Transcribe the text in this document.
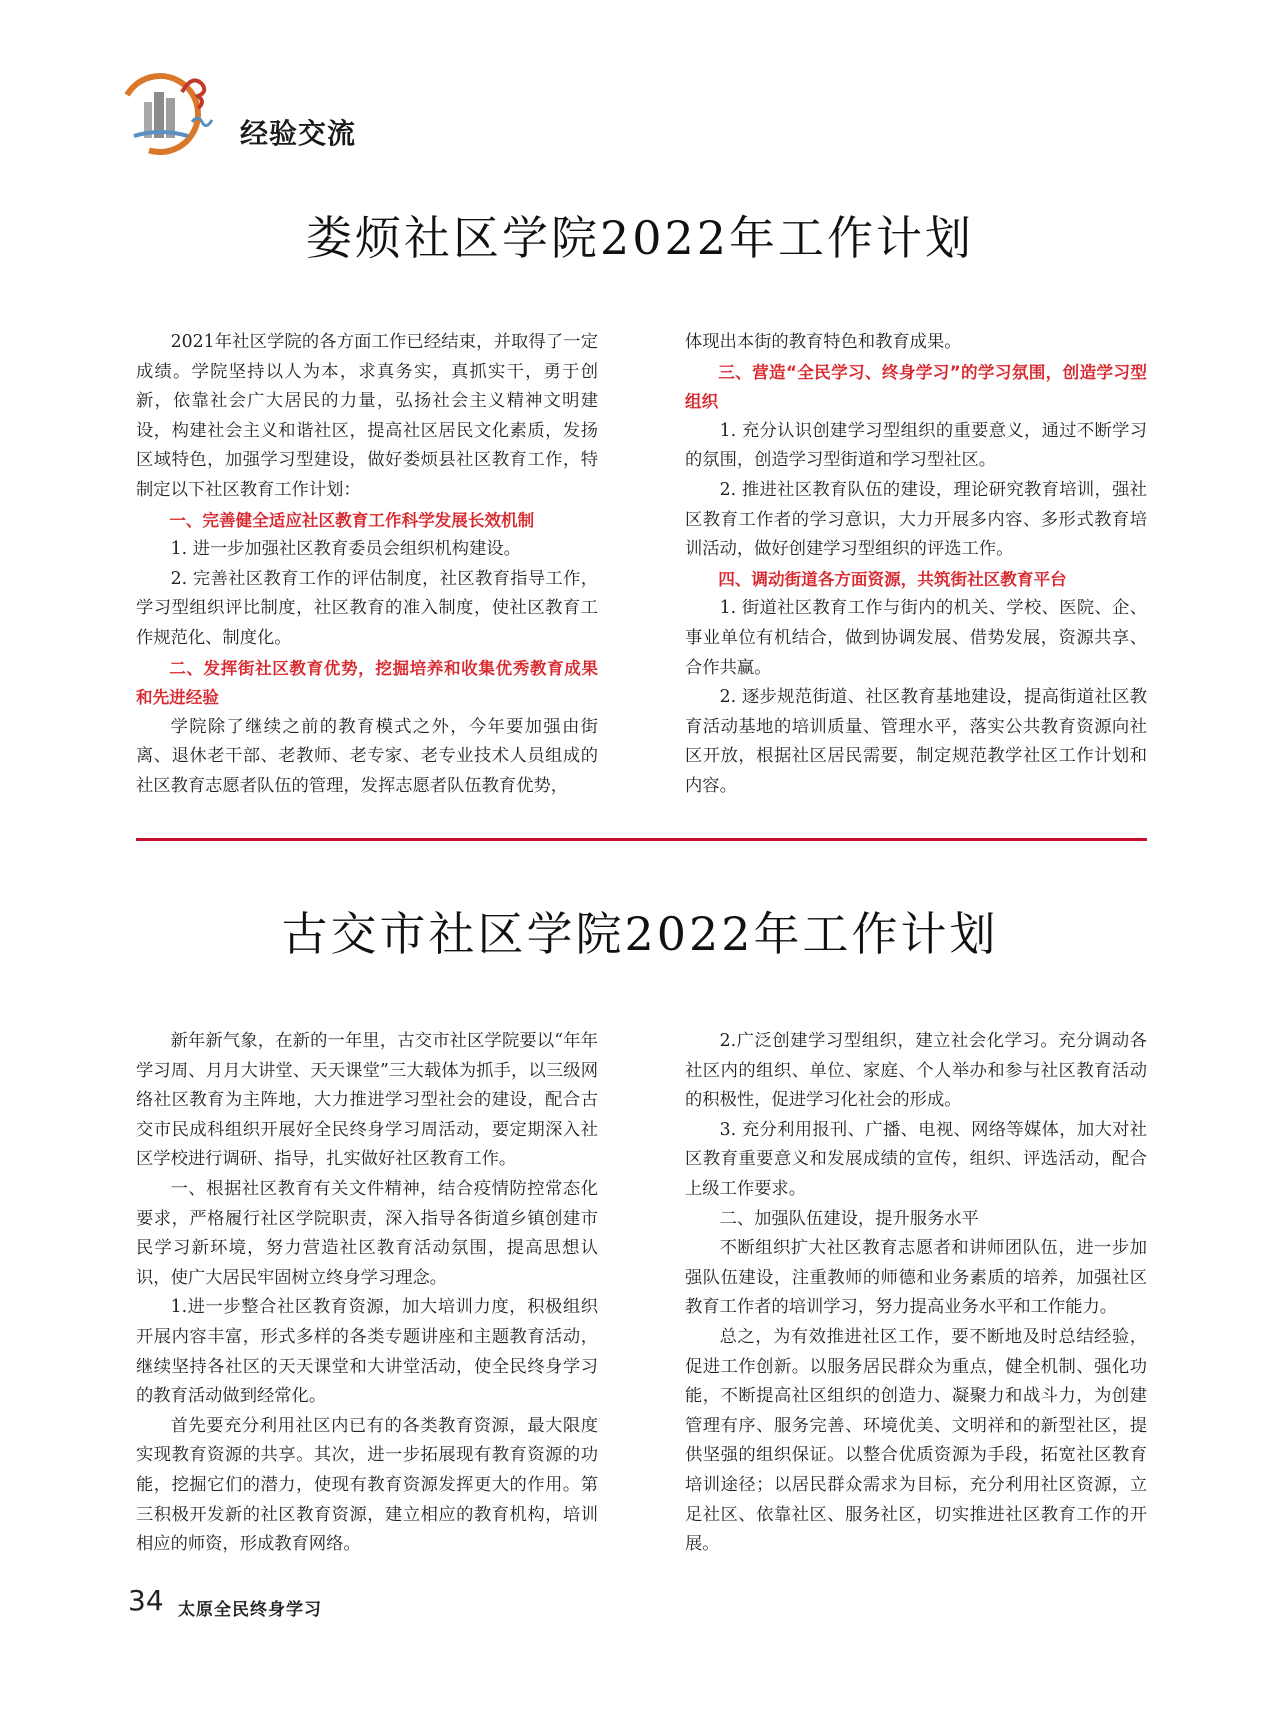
经验交流
娄烦社区学院2022年工作计划

2021年社区学院的各方面工作已经结束，并取得了一定成绩。学院坚持以人为本，求真务实，真抓实干，勇于创新，依靠社会广大居民的力量，弘扬社会主义精神文明建设，构建社会主义和谐社区，提高社区居民文化素质，发扬区域特色，加强学习型建设，做好娄烦县社区教育工作，特制定以下社区教育工作计划：

一、完善健全适应社区教育工作科学发展长效机制

1. 进一步加强社区教育委员会组织机构建设。

2. 完善社区教育工作的评估制度，社区教育指导工作，学习型组织评比制度，社区教育的准入制度，使社区教育工作规范化、制度化。

二、发挥街社区教育优势，挖掘培养和收集优秀教育成果和先进经验

学院除了继续之前的教育模式之外，今年要加强由街离、退休老干部、老教师、老专家、老专业技术人员组成的社区教育志愿者队伍的管理，发挥志愿者队伍教育优势，

体现出本街的教育特色和教育成果。

三、营造“全民学习、终身学习”的学习氛围，创造学习型组织

1. 充分认识创建学习型组织的重要意义，通过不断学习的氛围，创造学习型街道和学习型社区。

2. 推进社区教育队伍的建设，理论研究教育培训，强社区教育工作者的学习意识，大力开展多内容、多形式教育培训活动，做好创建学习型组织的评选工作。

四、调动街道各方面资源，共筑街社区教育平台

1. 街道社区教育工作与街内的机关、学校、医院、企、事业单位有机结合，做到协调发展、借势发展，资源共享、合作共赢。

2. 逐步规范街道、社区教育基地建设，提高街道社区教育活动基地的培训质量、管理水平，落实公共教育资源向社区开放，根据社区居民需要，制定规范教学社区工作计划和内容。

古交市社区学院2022年工作计划

新年新气象，在新的一年里，古交市社区学院要以“年年学习周、月月大讲堂、天天课堂”三大载体为抓手，以三级网络社区教育为主阵地，大力推进学习型社会的建设，配合古交市民成科组织开展好全民终身学习周活动，要定期深入社区学校进行调研、指导，扎实做好社区教育工作。

一、根据社区教育有关文件精神，结合疫情防控常态化要求，严格履行社区学院职责，深入指导各街道乡镇创建市民学习新环境，努力营造社区教育活动氛围，提高思想认识，使广大居民牢固树立终身学习理念。

1.进一步整合社区教育资源，加大培训力度，积极组织开展内容丰富，形式多样的各类专题讲座和主题教育活动，继续坚持各社区的天天课堂和大讲堂活动，使全民终身学习的教育活动做到经常化。

首先要充分利用社区内已有的各类教育资源，最大限度实现教育资源的共享。其次，进一步拓展现有教育资源的功能，挖掘它们的潜力，使现有教育资源发挥更大的作用。第三积极开发新的社区教育资源，建立相应的教育机构，培训相应的师资，形成教育网络。

2.广泛创建学习型组织，建立社会化学习。充分调动各社区内的组织、单位、家庭、个人举办和参与社区教育活动的积极性，促进学习化社会的形成。

3. 充分利用报刊、广播、电视、网络等媒体，加大对社区教育重要意义和发展成绩的宣传，组织、评选活动，配合上级工作要求。

二、加强队伍建设，提升服务水平

不断组织扩大社区教育志愿者和讲师团队伍，进一步加强队伍建设，注重教师的师德和业务素质的培养，加强社区教育工作者的培训学习，努力提高业务水平和工作能力。

总之，为有效推进社区工作，要不断地及时总结经验，促进工作创新。以服务居民群众为重点，健全机制、强化功能，不断提高社区组织的创造力、凝聚力和战斗力，为创建管理有序、服务完善、环境优美、文明祥和的新型社区，提供坚强的组织保证。以整合优质资源为手段，拓宽社区教育培训途径；以居民群众需求为目标，充分利用社区资源，立足社区、依靠社区、服务社区，切实推进社区教育工作的开展。

34 太原全民终身学习
